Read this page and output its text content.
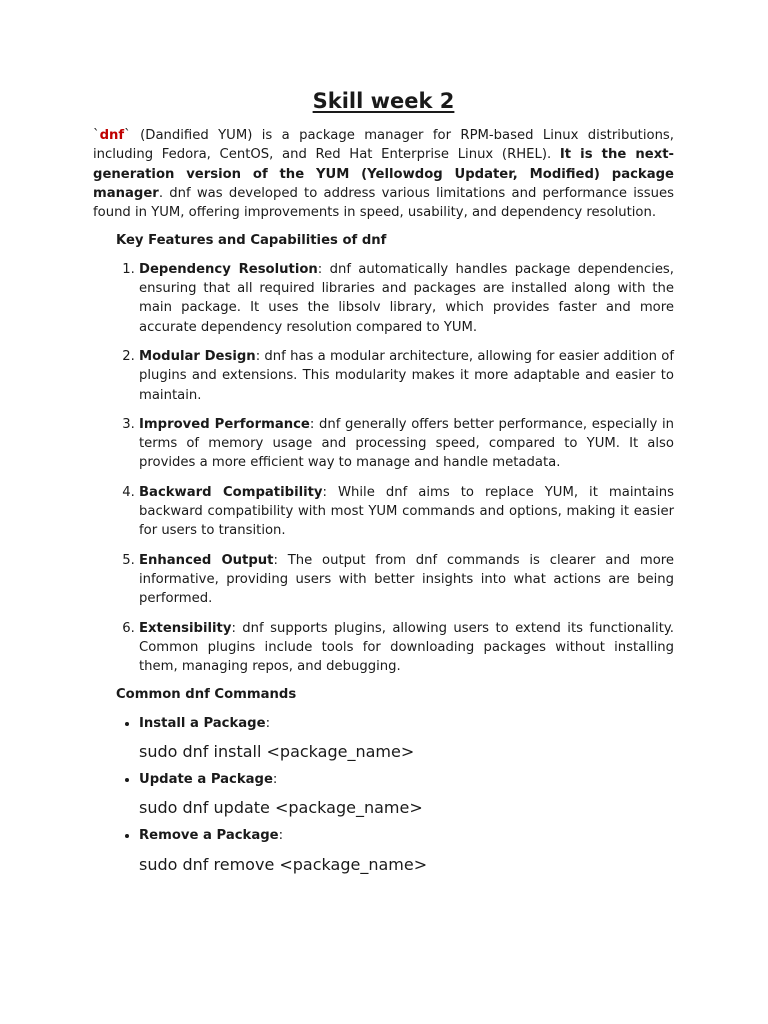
Skill week 2

`dnf` (Dandified YUM) is a package manager for RPM-based Linux distributions, including Fedora, CentOS, and Red Hat Enterprise Linux (RHEL). It is the next-generation version of the YUM (Yellowdog Updater, Modified) package manager. dnf was developed to address various limitations and performance issues found in YUM, offering improvements in speed, usability, and dependency resolution.

Key Features and Capabilities of dnf
1. Dependency Resolution: dnf automatically handles package dependencies, ensuring that all required libraries and packages are installed along with the main package. It uses the libsolv library, which provides faster and more accurate dependency resolution compared to YUM.
2. Modular Design: dnf has a modular architecture, allowing for easier addition of plugins and extensions. This modularity makes it more adaptable and easier to maintain.
3. Improved Performance: dnf generally offers better performance, especially in terms of memory usage and processing speed, compared to YUM. It also provides a more efficient way to manage and handle metadata.
4. Backward Compatibility: While dnf aims to replace YUM, it maintains backward compatibility with most YUM commands and options, making it easier for users to transition.
5. Enhanced Output: The output from dnf commands is clearer and more informative, providing users with better insights into what actions are being performed.
6. Extensibility: dnf supports plugins, allowing users to extend its functionality. Common plugins include tools for downloading packages without installing them, managing repos, and debugging.
Common dnf Commands
• Install a Package:
sudo dnf install <package_name>
• Update a Package:
sudo dnf update <package_name>
• Remove a Package:
sudo dnf remove <package_name>
